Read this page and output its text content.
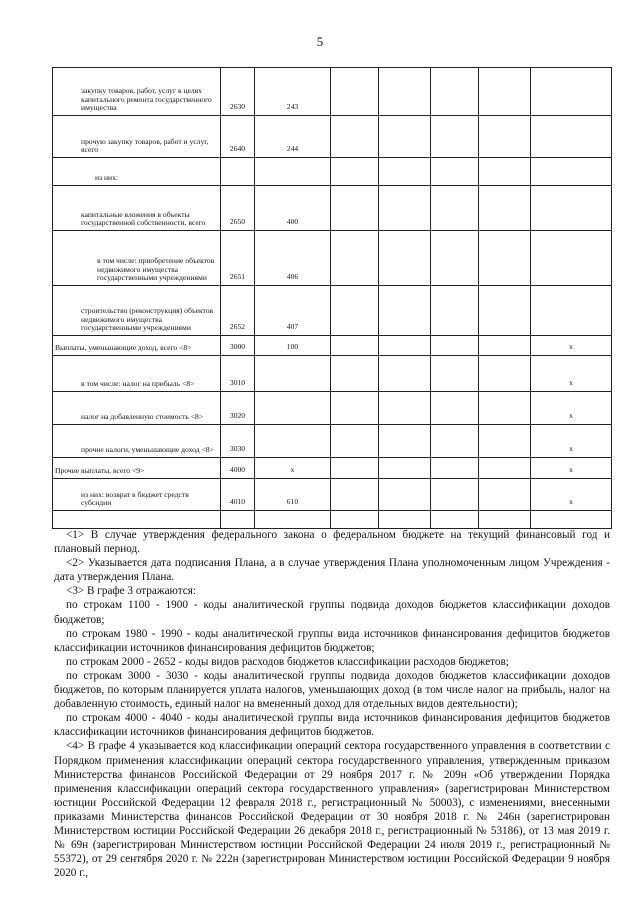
5
закупку товаров, работ, услуг в целях капитального ремонта государственного имущества	2630	243					
прочую закупку товаров, работ и услуг, всего	2640	244					
из них:							
капитальные вложения в объекты государственной собственности, всего	2650	400					
в том числе: приобретение объектов недвижимого имущества государственными учреждениями	2651	406					
строительство (реконструкция) объектов недвижимого имущества государственными учреждениями	2652	407					
Выплаты, уменьшающие доход, всего <8>	3000	100					x
в том числе: налог на прибыль <8>	3010						x
налог на добавленную стоимость <8>	3020						x
прочие налоги, уменьшающие доход <8>	3030						x
Прочие выплаты, всего <9>	4000	x					x
из них: возврат в бюджет средств субсидии	4010	610					x

<1> В случае утверждения федерального закона о федеральном бюджете на текущий финансовый год и плановый период.

<2> Указывается дата подписания Плана, а в случае утверждения Плана уполномоченным лицом Учреждения - дата утверждения Плана.

<3> В графе 3 отражаются:

по строкам 1100 - 1900 - коды аналитической группы подвида доходов бюджетов классификации доходов бюджетов;

по строкам 1980 - 1990 - коды аналитической группы вида источников финансирования дефицитов бюджетов классификации источников финансирования дефицитов бюджетов;

по строкам 2000 - 2652 - коды видов расходов бюджетов классификации расходов бюджетов;

по строкам 3000 - 3030 - коды аналитической группы подвида доходов бюджетов классификации доходов бюджетов, по которым планируется уплата налогов, уменьшающих доход (в том числе налог на прибыль, налог на добавленную стоимость, единый налог на вмененный доход для отдельных видов деятельности);

по строкам 4000 - 4040 - коды аналитической группы вида источников финансирования дефицитов бюджетов классификации источников финансирования дефицитов бюджетов.

<4> В графе 4 указывается код классификации операций сектора государственного управления в соответствии с Порядком применения классификации операций сектора государственного управления, утвержденным приказом Министерства финансов Российской Федерации от 29 ноября 2017 г. № 209н «Об утверждении Порядка применения классификации операций сектора государственного управления» (зарегистрирован Министерством юстиции Российской Федерации 12 февраля 2018 г., регистрационный № 50003), с изменениями, внесенными приказами Министерства финансов Российской Федерации от 30 ноября 2018 г. № 246н (зарегистрирован Министерством юстиции Российской Федерации 26 декабря 2018 г., регистрационный № 53186), от 13 мая 2019 г. № 69н (зарегистрирован Министерством юстиции Российской Федерации 24 июля 2019 г., регистрационный № 55372), от 29 сентября 2020 г. № 222н (зарегистрирован Министерством юстиции Российской Федерации 9 ноября 2020 г.,
